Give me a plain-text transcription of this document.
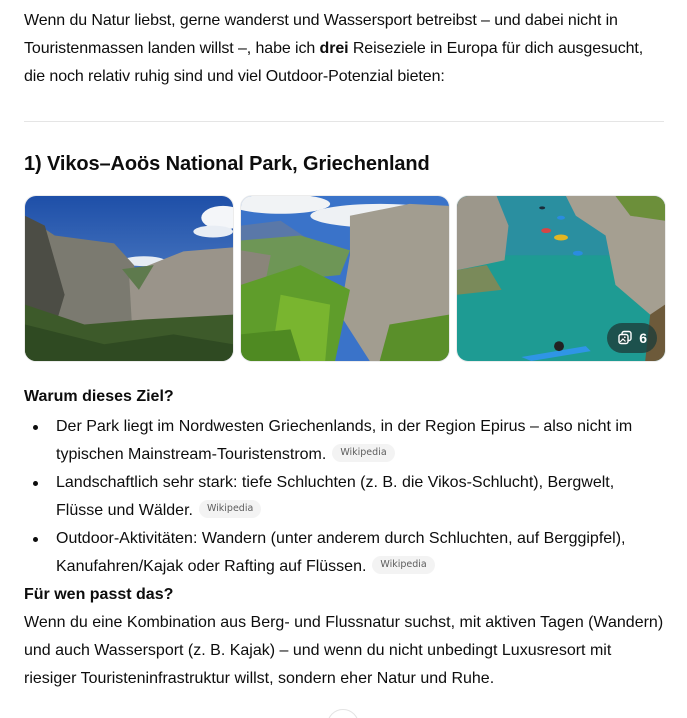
Wenn du Natur liebst, gerne wanderst und Wassersport betreibst – und dabei nicht in Touristenmassen landen willst –, habe ich drei Reiseziele in Europa für dich ausgesucht, die noch relativ ruhig sind und viel Outdoor-Potenzial bieten:

1) Vikos–Aoös National Park, Griechenland
6
Warum dieses Ziel?
Der Park liegt im Nordwesten Griechenlands, in der Region Epirus – also nicht im typischen Mainstream-Touristenstrom. Wikipedia
Landschaftlich sehr stark: tiefe Schluchten (z. B. die Vikos-Schlucht), Bergwelt, Flüsse und Wälder. Wikipedia
Outdoor-Aktivitäten: Wandern (unter anderem durch Schluchten, auf Berggipfel), Kanufahren/Kajak oder Rafting auf Flüssen. Wikipedia
Für wen passt das?

Wenn du eine Kombination aus Berg- und Flussnatur suchst, mit aktiven Tagen (Wandern) und auch Wassersport (z. B. Kajak) – und wenn du nicht unbedingt Luxusresort mit riesiger Touristeninfrastruktur willst, sondern eher Natur und Ruhe.
